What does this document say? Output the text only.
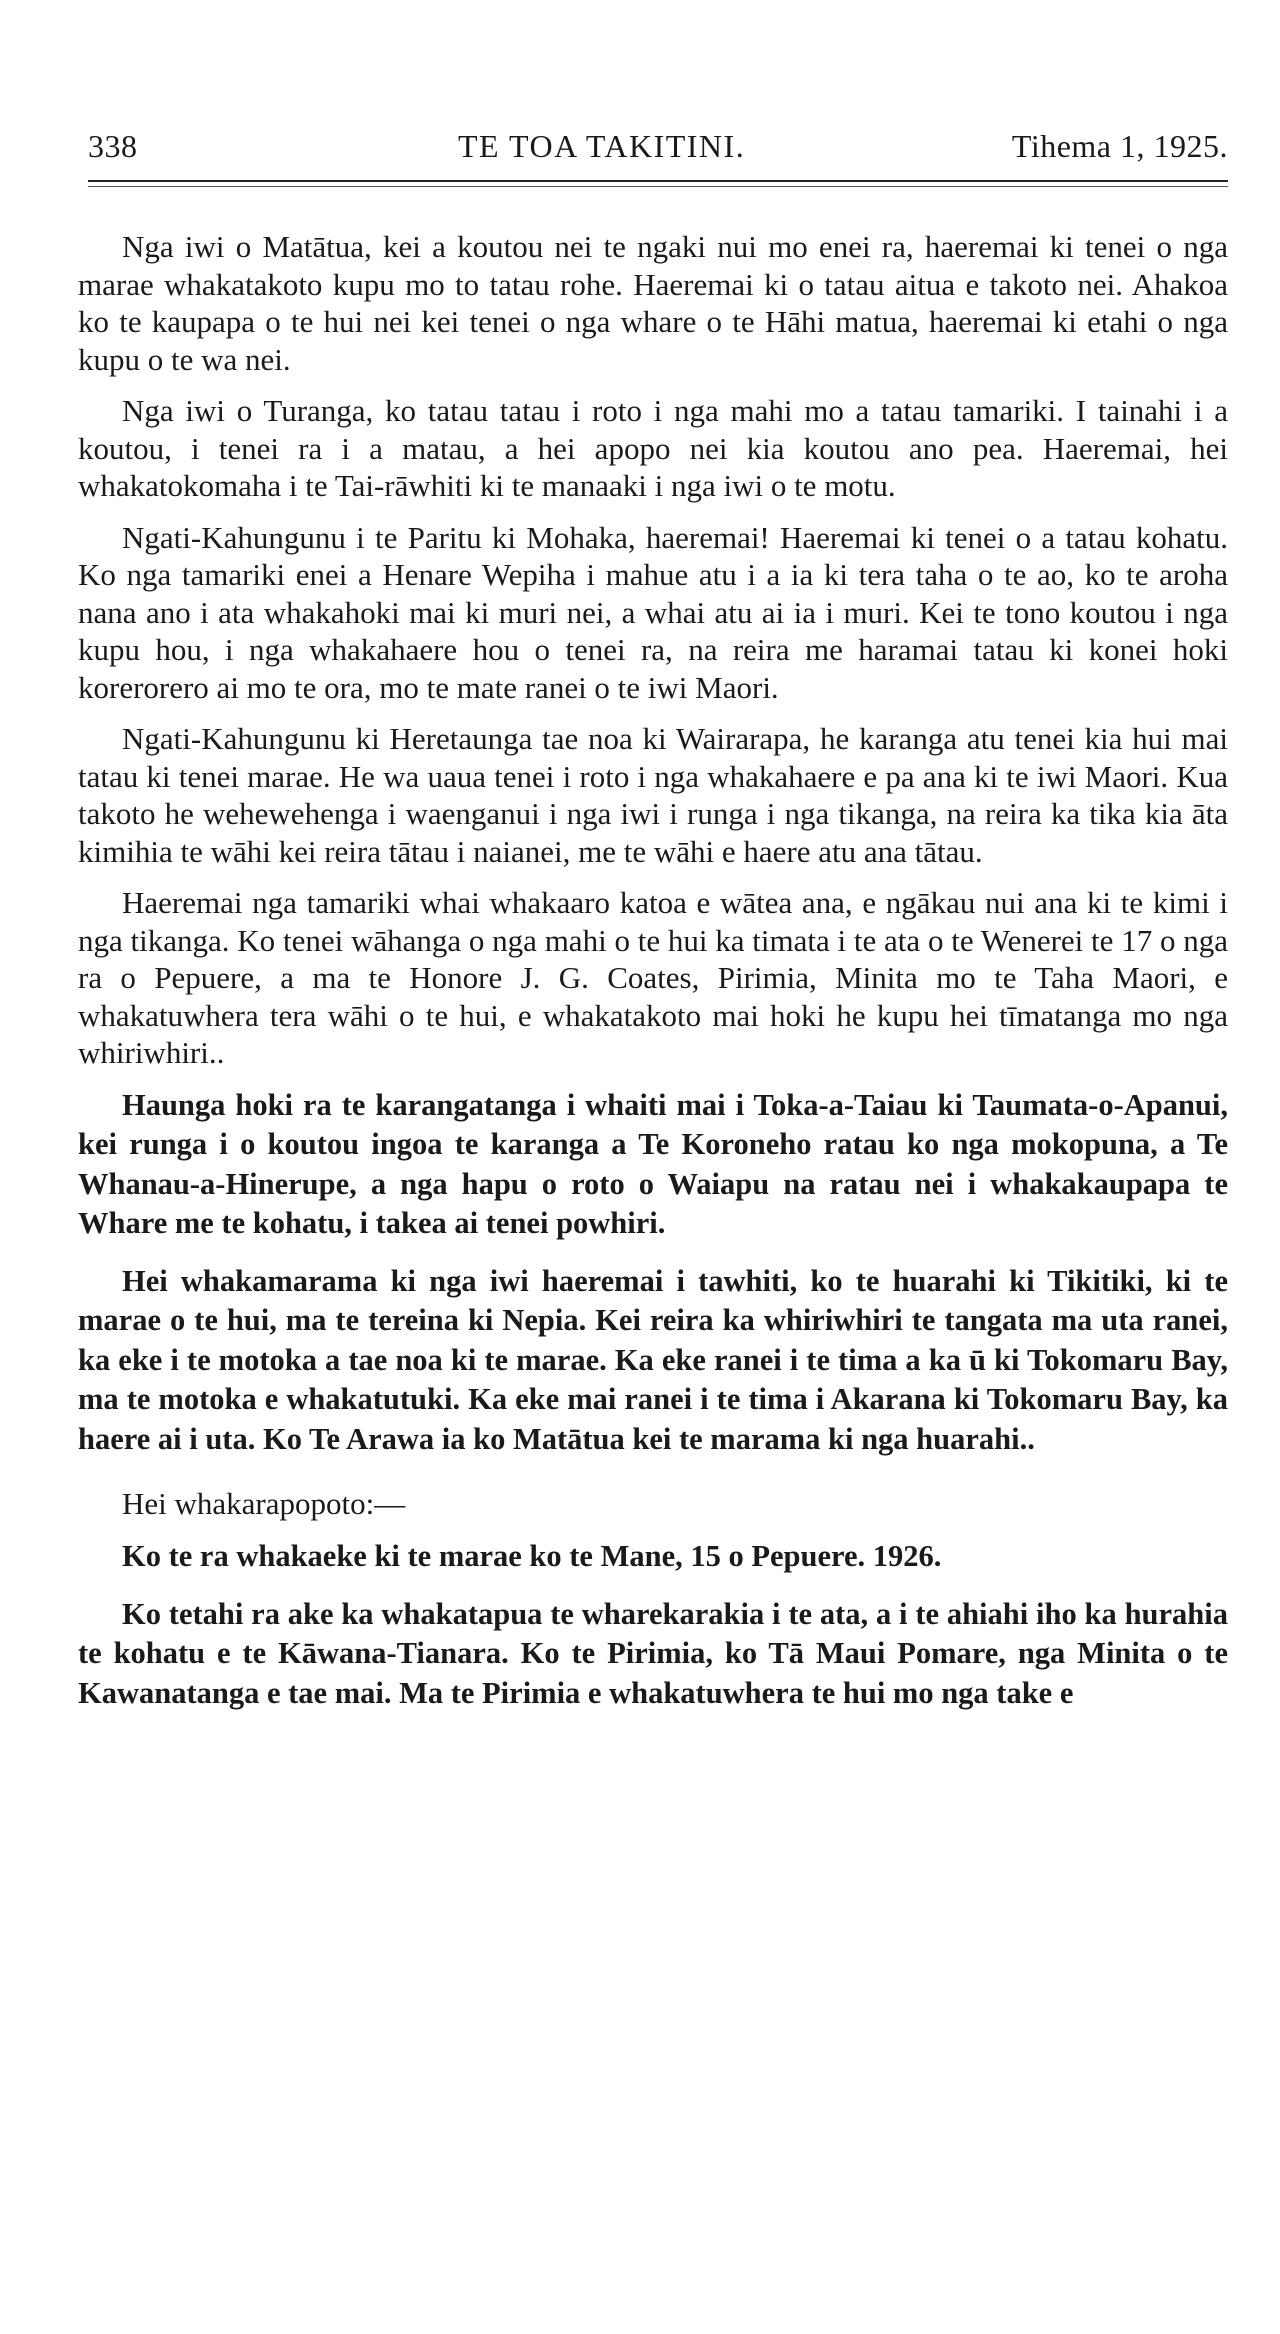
338	TE TOA TAKITINI.	Tihema 1, 1925.

Nga iwi o Matātua, kei a koutou nei te ngaki nui mo enei ra, haeremai ki tenei o nga marae whakatakoto kupu mo to tatau rohe. Haeremai ki o tatau aitua e takoto nei. Ahakoa ko te kaupapa o te hui nei kei tenei o nga whare o te Hāhi matua, haeremai ki etahi o nga kupu o te wa nei.

Nga iwi o Turanga, ko tatau tatau i roto i nga mahi mo a tatau tamariki. I tainahi i a koutou, i tenei ra i a matau, a hei apopo nei kia koutou ano pea. Haeremai, hei whakatokomaha i te Tai-rāwhiti ki te manaaki i nga iwi o te motu.

Ngati-Kahungunu i te Paritu ki Mohaka, haeremai! Haeremai ki tenei o a tatau kohatu. Ko nga tamariki enei a Henare Wepiha i mahue atu i a ia ki tera taha o te ao, ko te aroha nana ano i ata whakahoki mai ki muri nei, a whai atu ai ia i muri. Kei te tono koutou i nga kupu hou, i nga whakahaere hou o tenei ra, na reira me haramai tatau ki konei hoki korerorero ai mo te ora, mo te mate ranei o te iwi Maori.

Ngati-Kahungunu ki Heretaunga tae noa ki Wairarapa, he karanga atu tenei kia hui mai tatau ki tenei marae. He wa uaua tenei i roto i nga whakahaere e pa ana ki te iwi Maori. Kua takoto he wehewehenga i waenganui i nga iwi i runga i nga tikanga, na reira ka tika kia āta kimihia te wāhi kei reira tātau i naianei, me te wāhi e haere atu ana tātau.

Haeremai nga tamariki whai whakaaro katoa e wātea ana, e ngākau nui ana ki te kimi i nga tikanga. Ko tenei wāhanga o nga mahi o te hui ka timata i te ata o te Wenerei te 17 o nga ra o Pepuere, a ma te Honore J. G. Coates, Pirimia, Minita mo te Taha Maori, e whakatuwhera tera wāhi o te hui, e whakatakoto mai hoki he kupu hei tīmatanga mo nga whiriwhiri..

Haunga hoki ra te karangatanga i whaiti mai i Toka-a-Taiau ki Taumata-o-Apanui, kei runga i o koutou ingoa te karanga a Te Koroneho ratau ko nga mokopuna, a Te Whanau-a-Hinerupe, a nga hapu o roto o Waiapu na ratau nei i whakakaupapa te Whare me te kohatu, i takea ai tenei powhiri.

Hei whakamarama ki nga iwi haeremai i tawhiti, ko te huarahi ki Tikitiki, ki te marae o te hui, ma te tereina ki Nepia. Kei reira ka whiriwhiri te tangata ma uta ranei, ka eke i te motoka a tae noa ki te marae. Ka eke ranei i te tima a ka ū ki Tokomaru Bay, ma te motoka e whakatutuki. Ka eke mai ranei i te tima i Akarana ki Tokomaru Bay, ka haere ai i uta. Ko Te Arawa ia ko Matātua kei te marama ki nga huarahi..

Hei whakarapopoto:—

Ko te ra whakaeke ki te marae ko te Mane, 15 o Pepuere. 1926.

Ko tetahi ra ake ka whakatapua te wharekarakia i te ata, a i te ahiahi iho ka hurahia te kohatu e te Kāwana-Tianara. Ko te Pirimia, ko Tā Maui Pomare, nga Minita o te Kawanatanga e tae mai. Ma te Pirimia e whakatuwhera te hui mo nga take e
